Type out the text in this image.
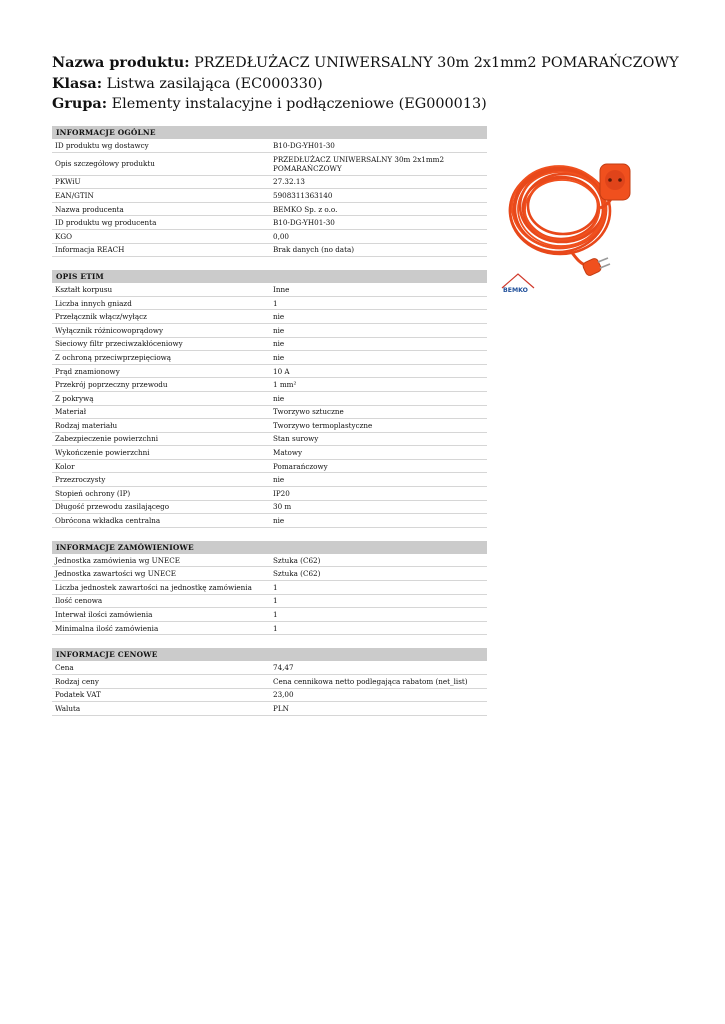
Nazwa produktu: PRZEDŁUŻACZ UNIWERSALNY 30m 2x1mm2 POMARAŃCZOWY
Klasa: Listwa zasilająca (EC000330)
Grupa: Elementy instalacyjne i podłączeniowe (EG000013)
INFORMACJE OGÓLNE
ID produktu wg dostawcy	B10-DG-YH01-30
Opis szczegółowy produktu	PRZEDŁUŻACZ UNIWERSALNY 30m 2x1mm2 POMARAŃCZOWY
PKWiU	27.32.13
EAN/GTIN	5908311363140
Nazwa producenta	BEMKO Sp. z o.o.
ID produktu wg producenta	B10-DG-YH01-30
KGO	0,00
Informacja REACH	Brak danych (no data)
OPIS ETIM
Kształt korpusu	Inne
Liczba innych gniazd	1
Przełącznik włącz/wyłącz	nie
Wyłącznik różnicowoprądowy	nie
Sieciowy filtr przeciwzakłóceniowy	nie
Z ochroną przeciwprzepięciową	nie
Prąd znamionowy	10 A
Przekrój poprzeczny przewodu	1 mm²
Z pokrywą	nie
Materiał	Tworzywo sztuczne
Rodzaj materiału	Tworzywo termoplastyczne
Zabezpieczenie powierzchni	Stan surowy
Wykończenie powierzchni	Matowy
Kolor	Pomarańczowy
Przezroczysty	nie
Stopień ochrony (IP)	IP20
Długość przewodu zasilającego	30 m
Obrócona wkładka centralna	nie
INFORMACJE ZAMÓWIENIOWE
Jednostka zamówienia wg UNECE	Sztuka (C62)
Jednostka zawartości wg UNECE	Sztuka (C62)
Liczba jednostek zawartości na jednostkę zamówienia	1
Ilość cenowa	1
Interwał ilości zamówienia	1
Minimalna ilość zamówienia	1
INFORMACJE CENOWE
Cena	74,47
Rodzaj ceny	Cena cennikowa netto podlegająca rabatom (net_list)
Podatek VAT	23,00
Waluta	PLN
BEMKO
